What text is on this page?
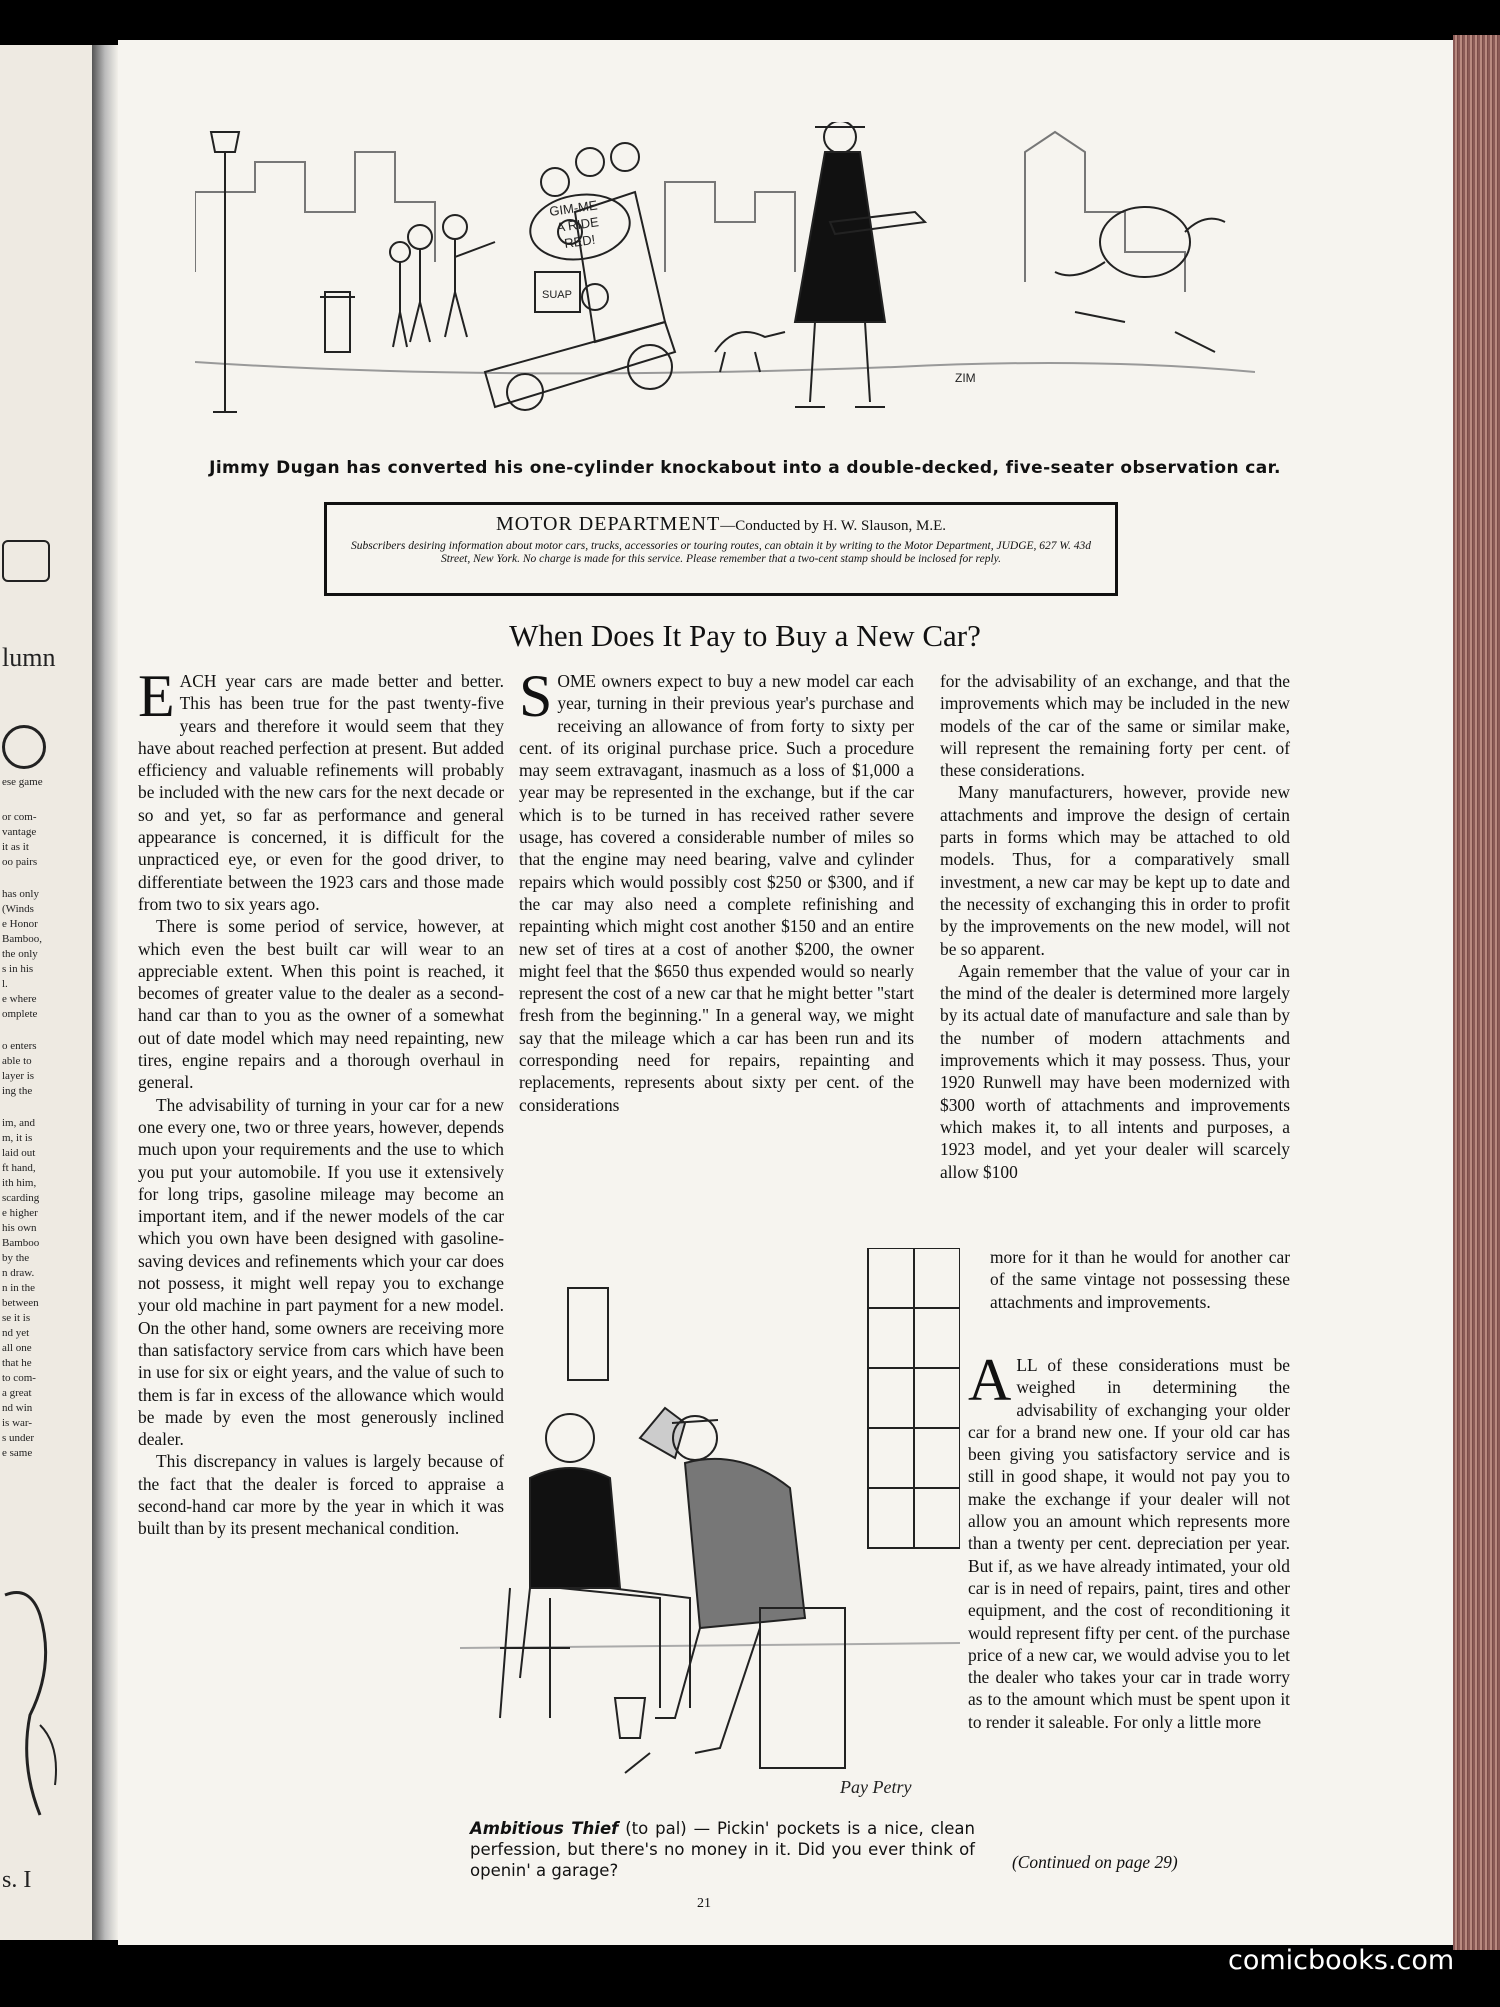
lumn
ese game
or com-
vantage
it as it
oo pairs
has only
(Winds
e Honor
Bamboo,
the only
s in his
l.
e where
omplete
o enters
able to
layer is
ing the
im, and
m, it is
laid out
ft hand,
ith him,
scarding
e higher
his own
Bamboo
by the
n draw.
n in the
between
se it is
nd yet
all one
that he
to com-
a great
nd win
is war-
s under
e same
s. I
GIM-ME
A RIDE
RED!
SUAP
ZIM
Jimmy Dugan has converted his one-cylinder knockabout into a double-decked, five-seater observation car.
MOTOR DEPARTMENT—Conducted by H. W. Slauson, M.E.
Subscribers desiring information about motor cars, trucks, accessories or touring routes, can obtain it by writing to the Motor Department, JUDGE, 627 W. 43d Street, New York. No charge is made for this service. Please remember that a two-cent stamp should be inclosed for reply.
When Does It Pay to Buy a New Car?

EACH year cars are made better and better. This has been true for the past twenty-five years and therefore it would seem that they have about reached perfection at present. But added efficiency and valuable refinements will probably be included with the new cars for the next decade or so and yet, so far as performance and general appearance is concerned, it is difficult for the unpracticed eye, or even for the good driver, to differentiate between the 1923 cars and those made from two to six years ago.

There is some period of service, however, at which even the best built car will wear to an appreciable extent. When this point is reached, it becomes of greater value to the dealer as a second-hand car than to you as the owner of a somewhat out of date model which may need repainting, new tires, engine repairs and a thorough overhaul in general.

The advisability of turning in your car for a new one every one, two or three years, however, depends much upon your requirements and the use to which you put your automobile. If you use it extensively for long trips, gasoline mileage may become an important item, and if the newer models of the car which you own have been designed with gasoline-saving devices and refinements which your car does not possess, it might well repay you to exchange your old machine in part payment for a new model. On the other hand, some owners are receiving more than satisfactory service from cars which have been in use for six or eight years, and the value of such to them is far in excess of the allowance which would be made by even the most generously inclined dealer.

This discrepancy in values is largely because of the fact that the dealer is forced to appraise a second-hand car more by the year in which it was built than by its present mechanical condition.

SOME owners expect to buy a new model car each year, turning in their previous year's purchase and receiving an allowance of from forty to sixty per cent. of its original purchase price. Such a procedure may seem extravagant, inasmuch as a loss of $1,000 a year may be represented in the exchange, but if the car which is to be turned in has received rather severe usage, has covered a considerable number of miles so that the engine may need bearing, valve and cylinder repairs which would possibly cost $250 or $300, and if the car may also need a complete refinishing and repainting which might cost another $150 and an entire new set of tires at a cost of another $200, the owner might feel that the $650 thus expended would so nearly represent the cost of a new car that he might better "start fresh from the beginning." In a general way, we might say that the mileage which a car has been run and its corresponding need for repairs, repainting and replacements, represents about sixty per cent. of the considerations

for the advisability of an exchange, and that the improvements which may be included in the new models of the car of the same or similar make, will represent the remaining forty per cent. of these considerations.

Many manufacturers, however, provide new attachments and improve the design of certain parts in forms which may be attached to old models. Thus, for a comparatively small investment, a new car may be kept up to date and the necessity of exchanging this in order to profit by the improvements on the new model, will not be so apparent.

Again remember that the value of your car in the mind of the dealer is determined more largely by its actual date of manufacture and sale than by the number of modern attachments and improvements which it may possess. Thus, your 1920 Runwell may have been modernized with $300 worth of attachments and improvements which makes it, to all intents and purposes, a 1923 model, and yet your dealer will scarcely allow $100

more for it than he would for another car of the same vintage not possessing these attachments and improvements.

ALL of these considerations must be weighed in determining the advisability of exchanging your older car for a brand new one. If your old car has been giving you satisfactory service and is still in good shape, it would not pay you to make the exchange if your dealer will not allow you an amount which represents more than a twenty per cent. depreciation per year. But if, as we have already intimated, your old car is in need of repairs, paint, tires and other equipment, and the cost of reconditioning it would represent fifty per cent. of the purchase price of a new car, we would advise you to let the dealer who takes your car in trade worry as to the amount which must be spent upon it to render it saleable. For only a little more

Pay Petry
Ambitious Thief (to pal) — Pickin' pockets is a nice, clean perfession, but there's no money in it. Did you ever think of openin' a garage?	(Continued on page 29)
21
comicbooks.com
